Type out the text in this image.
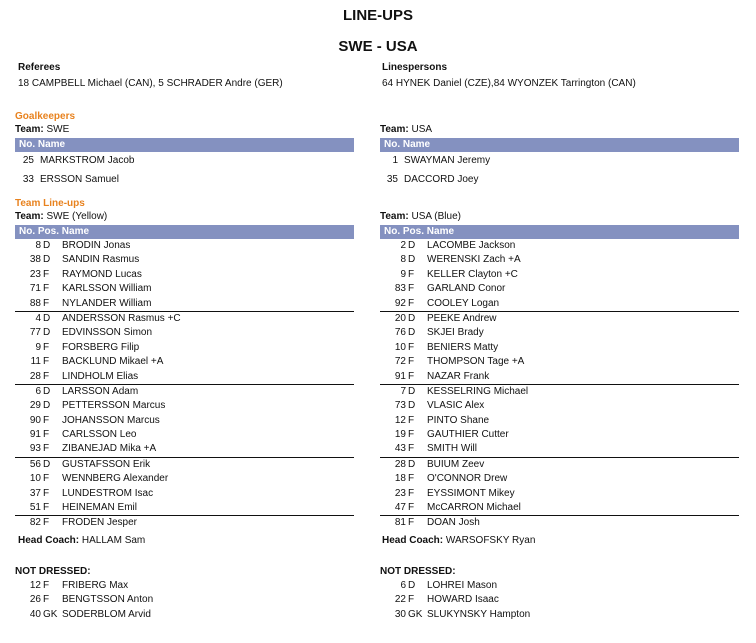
LINE-UPS
SWE - USA
Referees
18 CAMPBELL Michael (CAN), 5 SCHRADER Andre (GER)
Linespersons
64 HYNEK Daniel (CZE),84 WYONZEK Tarrington (CAN)
Goalkeepers
Team: SWE
No. Name
25 MARKSTROM Jacob
33 ERSSON Samuel
Team: USA
No. Name
1 SWAYMAN Jeremy
35 DACCORD Joey
Team Line-ups
Team: SWE (Yellow)
No. Pos. Name
8 D BRODIN Jonas
38 D SANDIN Rasmus
23 F RAYMOND Lucas
71 F KARLSSON William
88 F NYLANDER William
4 D ANDERSSON Rasmus +C
77 D EDVINSSON Simon
9 F FORSBERG Filip
11 F BACKLUND Mikael +A
28 F LINDHOLM Elias
6 D LARSSON Adam
29 D PETTERSSON Marcus
90 F JOHANSSON Marcus
91 F CARLSSON Leo
93 F ZIBANEJAD Mika +A
56 D GUSTAFSSON Erik
10 F WENNBERG Alexander
37 F LUNDESTROM Isac
51 F HEINEMAN Emil
82 F FRODEN Jesper
Head Coach: HALLAM Sam
Team: USA (Blue)
No. Pos. Name
2 D LACOMBE Jackson
8 D WERENSKI Zach +A
9 F KELLER Clayton +C
83 F GARLAND Conor
92 F COOLEY Logan
20 D PEEKE Andrew
76 D SKJEI Brady
10 F BENIERS Matty
72 F THOMPSON Tage +A
91 F NAZAR Frank
7 D KESSELRING Michael
73 D VLASIC Alex
12 F PINTO Shane
19 F GAUTHIER Cutter
43 F SMITH Will
28 D BUIUM Zeev
18 F O'CONNOR Drew
23 F EYSSIMONT Mikey
47 F McCARRON Michael
81 F DOAN Josh
Head Coach: WARSOFSKY Ryan
NOT DRESSED:	NOT DRESSED:
12 F FRIBERG Max
26 F BENGTSSON Anton
40 GK SODERBLOM Arvid
6 D LOHREI Mason
22 F HOWARD Isaac
30 GK SLUKYNSKY Hampton
